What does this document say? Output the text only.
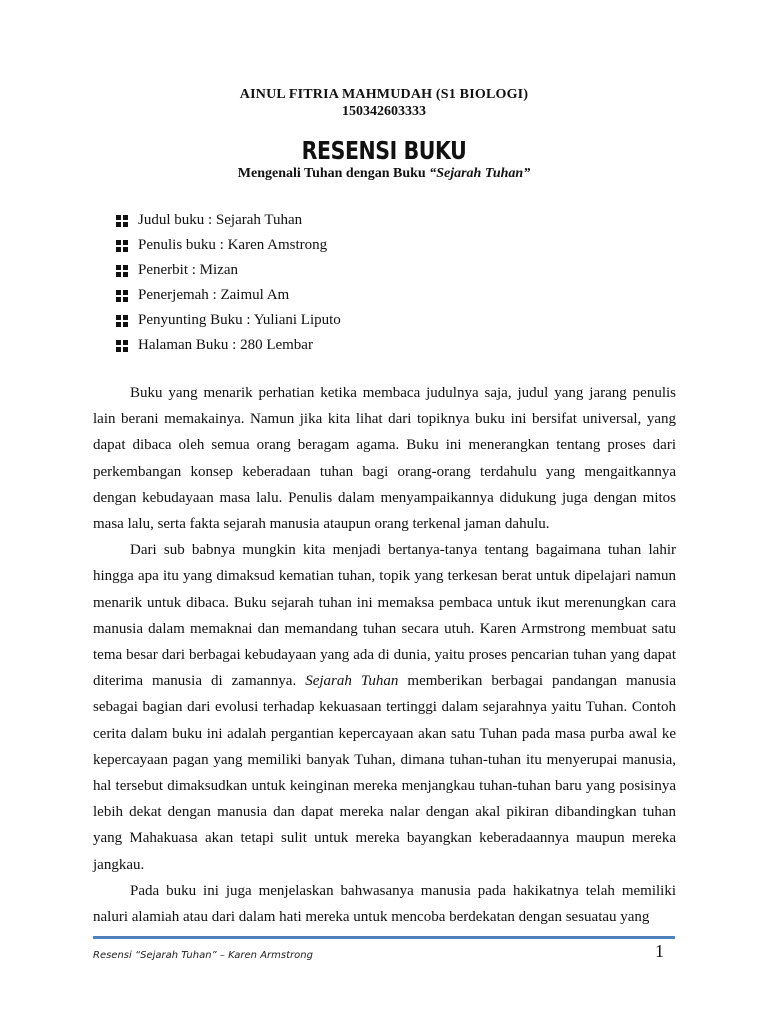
AINUL FITRIA MAHMUDAH (S1 BIOLOGI)
150342603333
RESENSI BUKU
Mengenali Tuhan dengan Buku “Sejarah Tuhan”
Judul buku : Sejarah Tuhan
Penulis buku : Karen Amstrong
Penerbit : Mizan
Penerjemah : Zaimul Am
Penyunting Buku : Yuliani Liputo
Halaman Buku : 280 Lembar

Buku yang menarik perhatian ketika membaca judulnya saja, judul yang jarang penulis lain berani memakainya. Namun jika kita lihat dari topiknya buku ini bersifat universal, yang dapat dibaca oleh semua orang beragam agama. Buku ini menerangkan tentang proses dari perkembangan konsep keberadaan tuhan bagi orang-orang terdahulu yang mengaitkannya dengan kebudayaan masa lalu. Penulis dalam menyampaikannya didukung juga dengan mitos masa lalu, serta fakta sejarah manusia ataupun orang terkenal jaman dahulu.

Dari sub babnya mungkin kita menjadi bertanya-tanya tentang bagaimana tuhan lahir hingga apa itu yang dimaksud kematian tuhan, topik yang terkesan berat untuk dipelajari namun menarik untuk dibaca. Buku sejarah tuhan ini memaksa pembaca untuk ikut merenungkan cara manusia dalam memaknai dan memandang tuhan secara utuh. Karen Armstrong membuat satu tema besar dari berbagai kebudayaan yang ada di dunia, yaitu proses pencarian tuhan yang dapat diterima manusia di zamannya. Sejarah Tuhan memberikan berbagai pandangan manusia sebagai bagian dari evolusi terhadap kekuasaan tertinggi dalam sejarahnya yaitu Tuhan. Contoh cerita dalam buku ini adalah pergantian kepercayaan akan satu Tuhan pada masa purba awal ke kepercayaan pagan yang memiliki banyak Tuhan, dimana tuhan-tuhan itu menyerupai manusia, hal tersebut dimaksudkan untuk keinginan mereka menjangkau tuhan-tuhan baru yang posisinya lebih dekat dengan manusia dan dapat mereka nalar dengan akal pikiran dibandingkan tuhan yang Mahakuasa akan tetapi sulit untuk mereka bayangkan keberadaannya maupun mereka jangkau.

Pada buku ini juga menjelaskan bahwasanya manusia pada hakikatnya telah memiliki naluri alamiah atau dari dalam hati mereka untuk mencoba berdekatan dengan sesuatau yang

Resensi “Sejarah Tuhan” – Karen Armstrong	1
